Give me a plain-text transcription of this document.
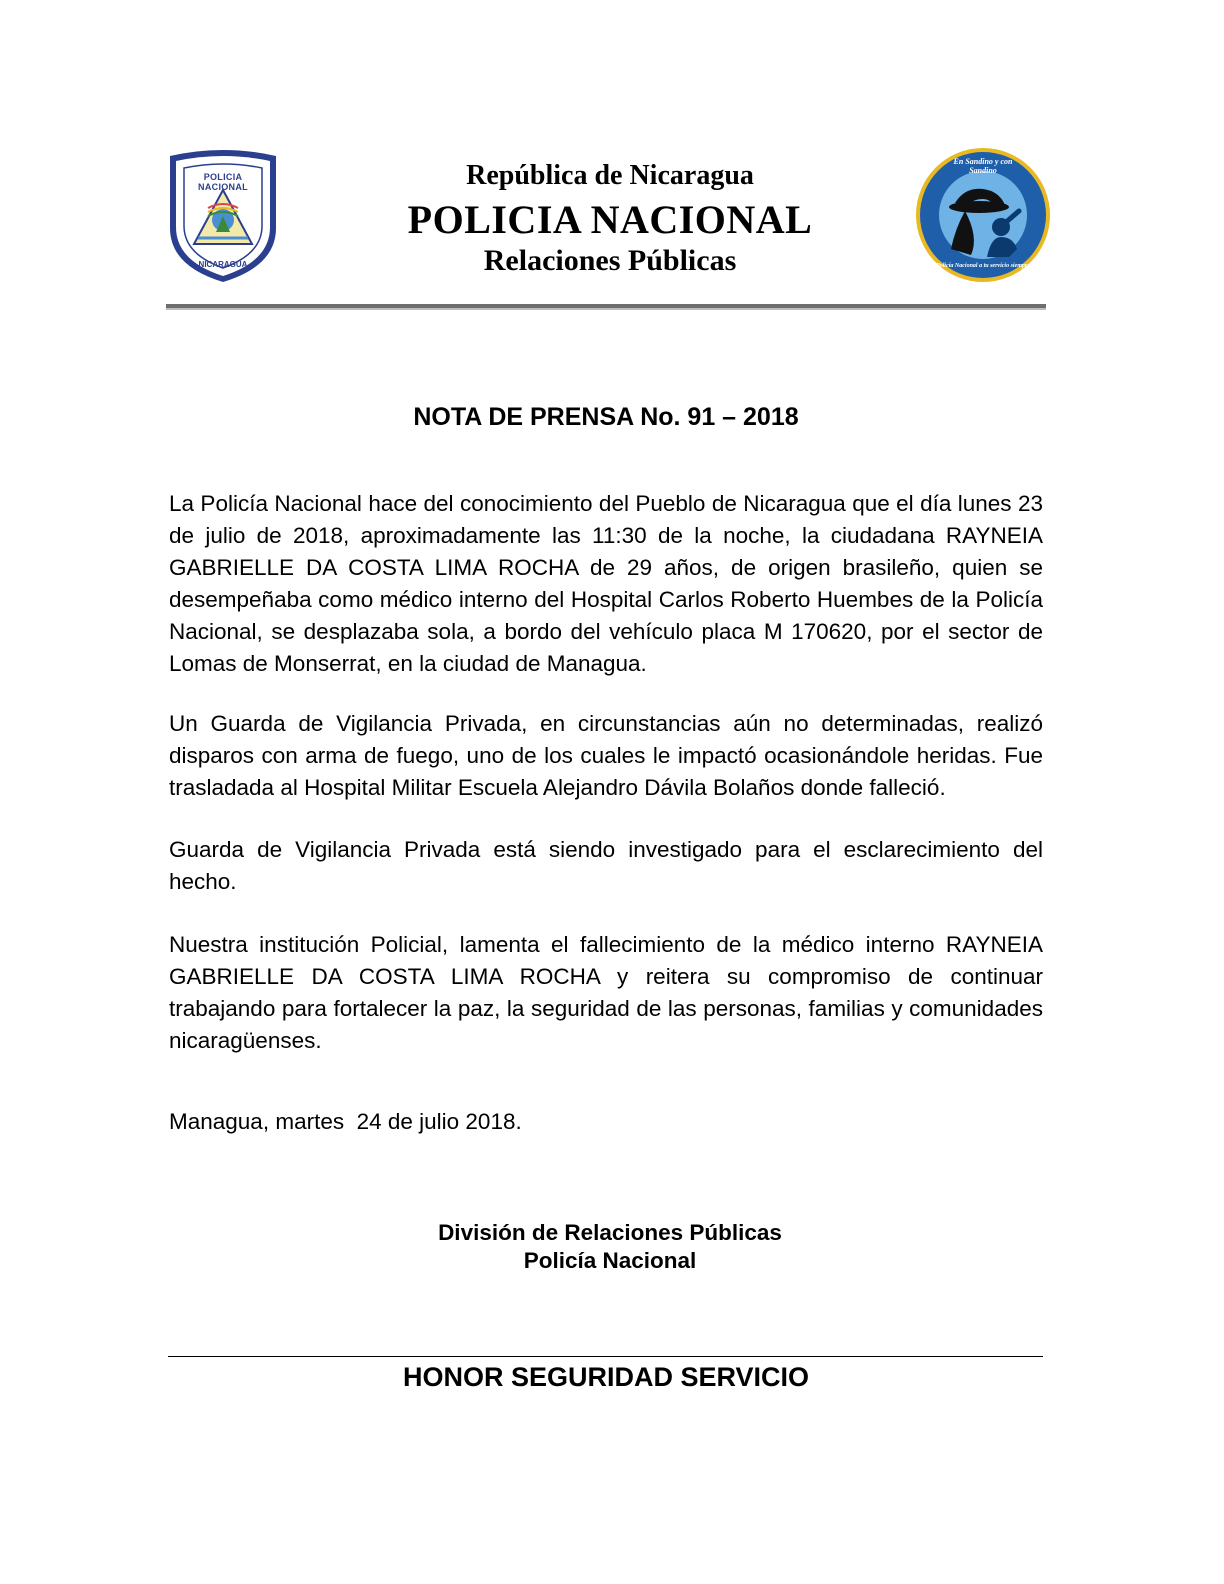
POLICIA NACIONAL
NICARAGUA
República de Nicaragua
POLICIA NACIONAL
Relaciones Públicas
En Sandino y con Sandino
Policía Nacional a tu servicio siempre
NOTA DE PRENSA No. 91 – 2018
La Policía Nacional hace del conocimiento del Pueblo de Nicaragua que el día lunes 23 de julio de 2018, aproximadamente las 11:30 de la noche, la ciudadana RAYNEIA GABRIELLE DA COSTA LIMA ROCHA de 29 años, de origen brasileño, quien se desempeñaba como médico interno del Hospital Carlos Roberto Huembes de la Policía Nacional, se desplazaba sola, a bordo del vehículo placa M 170620, por el sector de Lomas de Monserrat, en la ciudad de Managua.
Un Guarda de Vigilancia Privada, en circunstancias aún no determinadas, realizó disparos con arma de fuego, uno de los cuales le impactó ocasionándole heridas. Fue trasladada al Hospital Militar Escuela Alejandro Dávila Bolaños donde falleció.
Guarda de Vigilancia Privada está siendo investigado para el esclarecimiento del hecho.
Nuestra institución Policial, lamenta el fallecimiento de la médico interno RAYNEIA GABRIELLE DA COSTA LIMA ROCHA y reitera su compromiso de continuar trabajando para fortalecer la paz, la seguridad de las personas, familias y comunidades nicaragüenses.
Managua, martes  24 de julio 2018.
División de Relaciones Públicas
Policía Nacional
HONOR SEGURIDAD SERVICIO
